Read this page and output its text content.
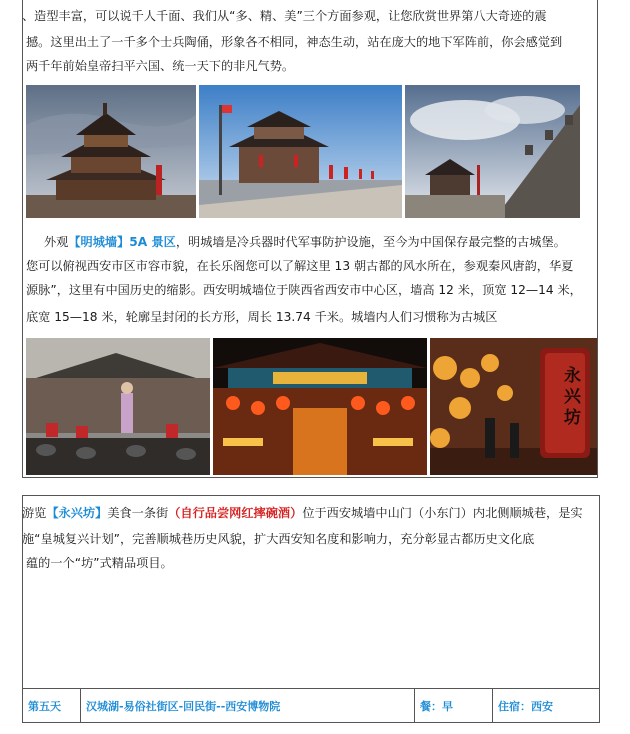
、造型丰富，可以说千人千面、我们从“多、精、美”三个方面参观，让您欣赏世界第八大奇迹的震
撼。这里出土了一千多个士兵陶俑，形象各不相同，神态生动，站在庞大的地下军阵前，你会感觉到
两千年前始皇帝扫平六国、统一天下的非凡气势。
外观【明城墙】5A 景区，明城墙是冷兵器时代军事防护设施，至今为中国保存最完整的古城堡。
您可以俯视西安市区市容市貌，在长乐阁您可以了解这里 13 朝古都的风水所在，参观秦风唐韵，华夏
源脉”，这里有中国历史的缩影。西安明城墙位于陕西省西安市中心区，墙高 12 米，顶宽 12—14 米，
底宽 15—18 米，轮廓呈封闭的长方形，周长 13.74 千米。城墙内人们习惯称为古城区
永兴坊
游览【永兴坊】美食一条街（自行品尝网红摔碗酒）位于西安城墙中山门（小东门）内北侧顺城巷，是实
施“皇城复兴计划”，完善顺城巷历史风貌，扩大西安知名度和影响力，充分彰显古都历史文化底
蕴的一个“坊”式精品项目。
第五天	汉城湖-易俗社街区-回民街--西安博物院	餐：早	住宿：西安
